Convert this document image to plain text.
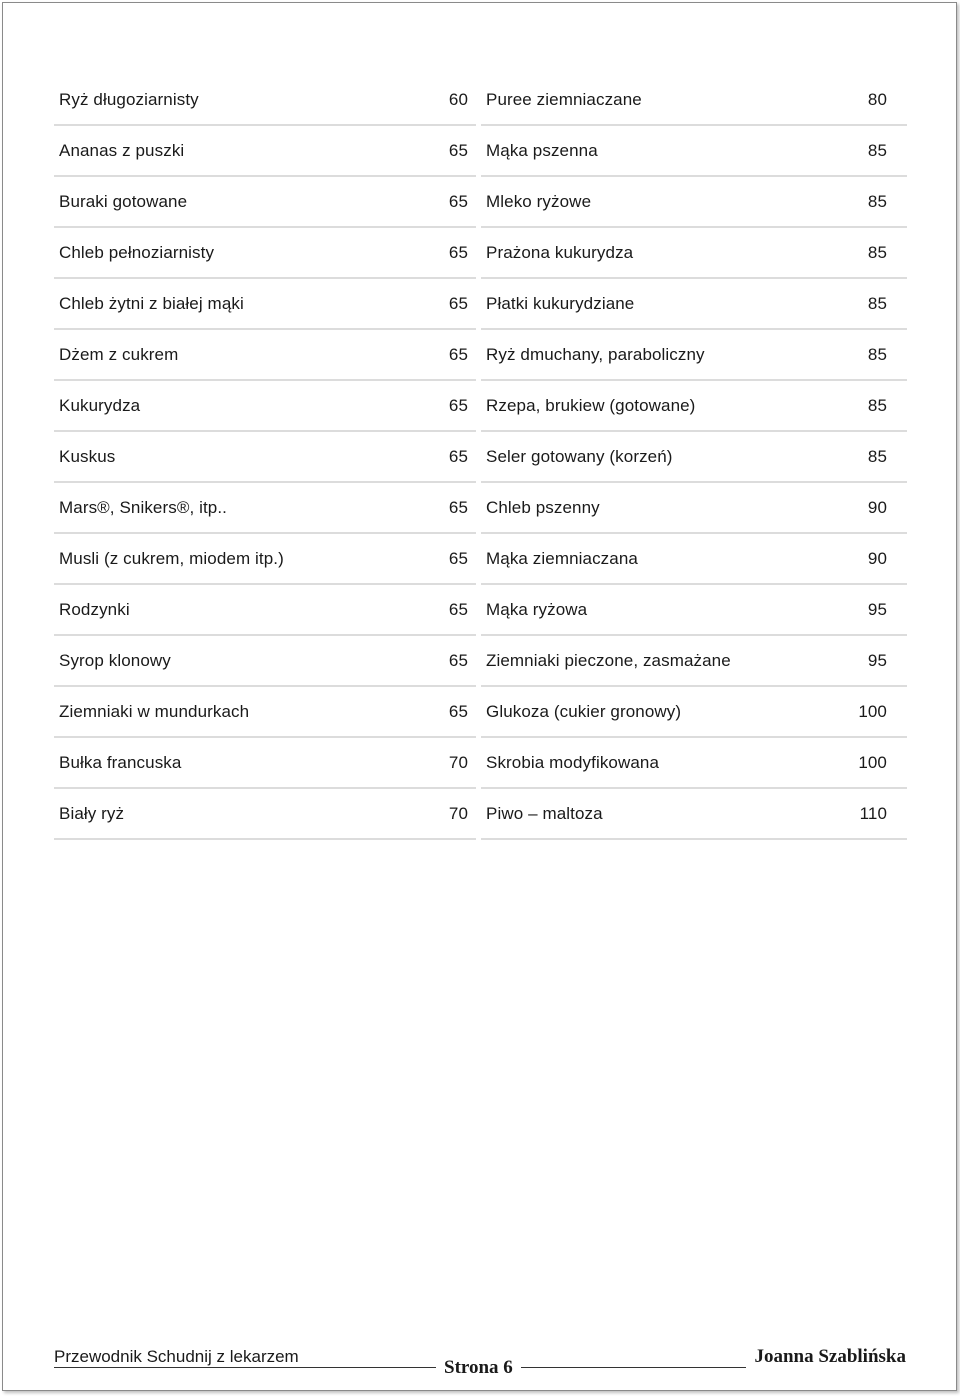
Ryż długoziarnisty	60
Ananas z puszki	65
Buraki gotowane	65
Chleb pełnoziarnisty	65
Chleb żytni z białej mąki	65
Dżem z cukrem	65
Kukurydza	65
Kuskus	65
Mars®, Snikers®, itp..	65
Musli (z cukrem, miodem itp.)	65
Rodzynki	65
Syrop klonowy	65
Ziemniaki w mundurkach	65
Bułka francuska	70
Biały ryż	70
Puree ziemniaczane	80
Mąka pszenna	85
Mleko ryżowe	85
Prażona kukurydza	85
Płatki kukurydziane	85
Ryż dmuchany, paraboliczny	85
Rzepa, brukiew (gotowane)	85
Seler gotowany (korzeń)	85
Chleb pszenny	90
Mąka ziemniaczana	90
Mąka ryżowa	95
Ziemniaki pieczone, zasmażane	95
Glukoza (cukier gronowy)	100
Skrobia modyfikowana	100
Piwo – maltoza	110
Przewodnik Schudnij z lekarzem
Strona 6
Joanna Szablińska
